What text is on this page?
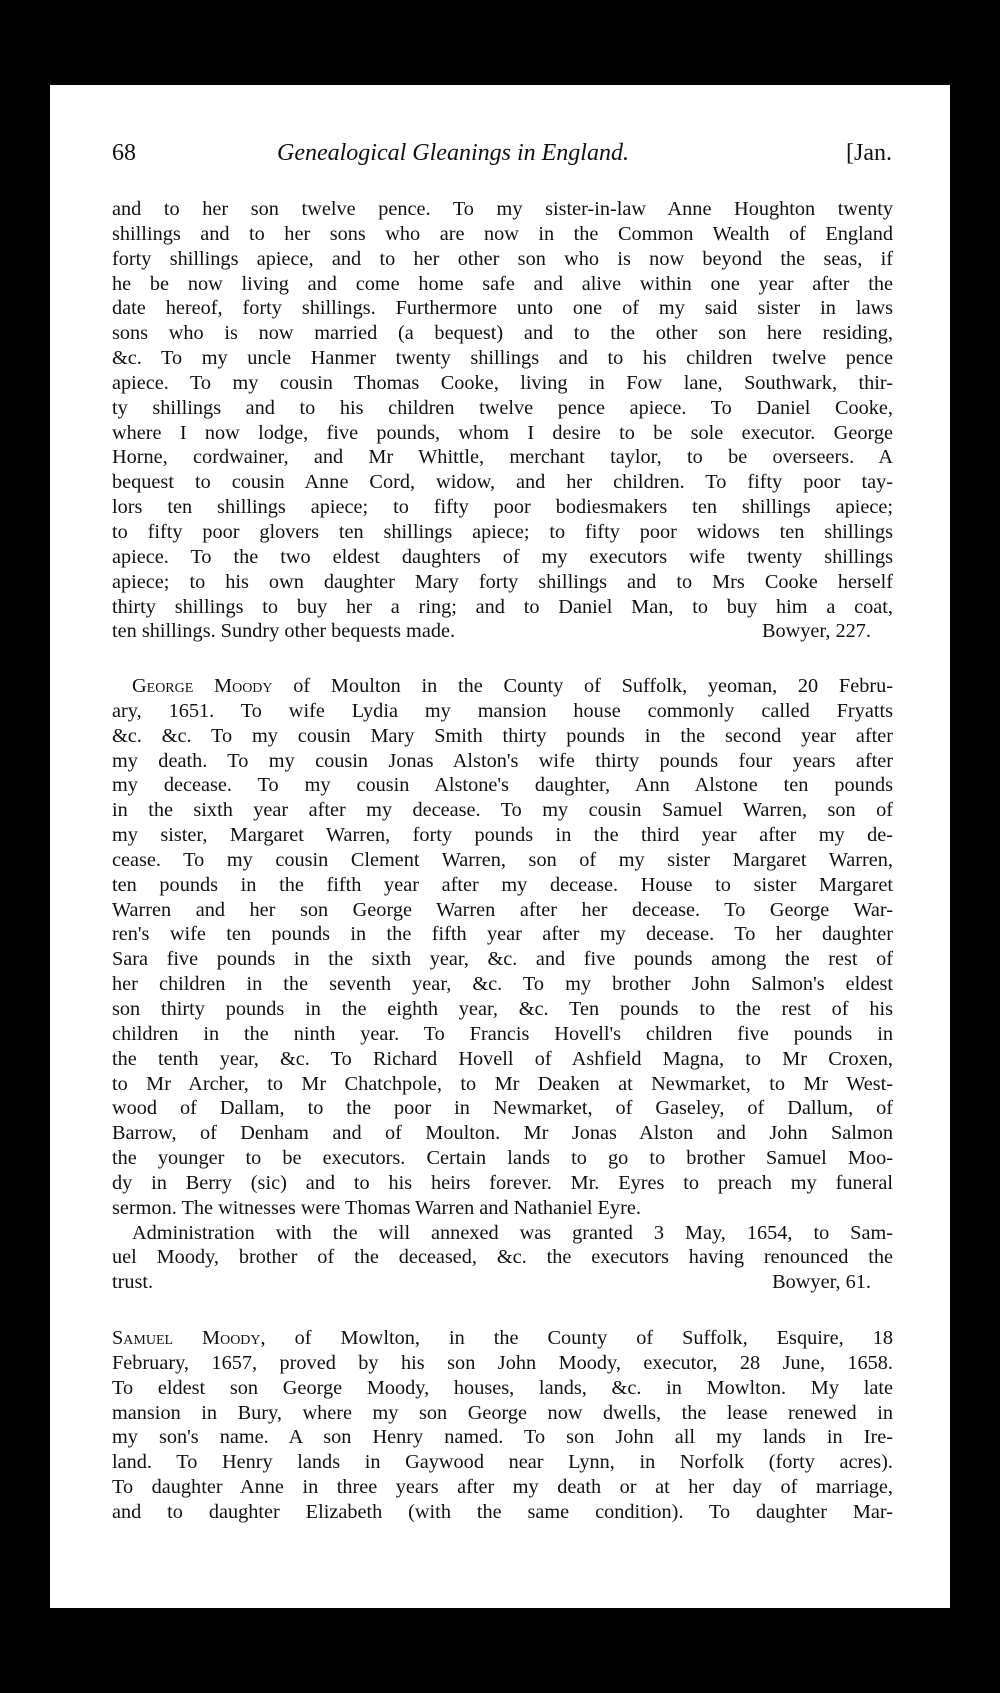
68	Genealogical Gleanings in England.	[Jan.
and to her son twelve pence. To my sister-in-law Anne Houghton twenty
shillings and to her sons who are now in the Common Wealth of England
forty shillings apiece, and to her other son who is now beyond the seas, if
he be now living and come home safe and alive within one year after the
date hereof, forty shillings. Furthermore unto one of my said sister in laws
sons who is now married (a bequest) and to the other son here residing,
&c. To my uncle Hanmer twenty shillings and to his children twelve pence
apiece. To my cousin Thomas Cooke, living in Fow lane, Southwark, thir-
ty shillings and to his children twelve pence apiece. To Daniel Cooke,
where I now lodge, five pounds, whom I desire to be sole executor. George
Horne, cordwainer, and Mr Whittle, merchant taylor, to be overseers. A
bequest to cousin Anne Cord, widow, and her children. To fifty poor tay-
lors ten shillings apiece; to fifty poor bodiesmakers ten shillings apiece;
to fifty poor glovers ten shillings apiece; to fifty poor widows ten shillings
apiece. To the two eldest daughters of my executors wife twenty shillings
apiece; to his own daughter Mary forty shillings and to Mrs Cooke herself
thirty shillings to buy her a ring; and to Daniel Man, to buy him a coat,
ten shillings. Sundry other bequests made.	Bowyer, 227.
George Moody of Moulton in the County of Suffolk, yeoman, 20 Febru-
ary, 1651. To wife Lydia my mansion house commonly called Fryatts
&c. &c. To my cousin Mary Smith thirty pounds in the second year after
my death. To my cousin Jonas Alston's wife thirty pounds four years after
my decease. To my cousin Alstone's daughter, Ann Alstone ten pounds
in the sixth year after my decease. To my cousin Samuel Warren, son of
my sister, Margaret Warren, forty pounds in the third year after my de-
cease. To my cousin Clement Warren, son of my sister Margaret Warren,
ten pounds in the fifth year after my decease. House to sister Margaret
Warren and her son George Warren after her decease. To George War-
ren's wife ten pounds in the fifth year after my decease. To her daughter
Sara five pounds in the sixth year, &c. and five pounds among the rest of
her children in the seventh year, &c. To my brother John Salmon's eldest
son thirty pounds in the eighth year, &c. Ten pounds to the rest of his
children in the ninth year. To Francis Hovell's children five pounds in
the tenth year, &c. To Richard Hovell of Ashfield Magna, to Mr Croxen,
to Mr Archer, to Mr Chatchpole, to Mr Deaken at Newmarket, to Mr West-
wood of Dallam, to the poor in Newmarket, of Gaseley, of Dallum, of
Barrow, of Denham and of Moulton. Mr Jonas Alston and John Salmon
the younger to be executors. Certain lands to go to brother Samuel Moo-
dy in Berry (sic) and to his heirs forever. Mr. Eyres to preach my funeral
sermon. The witnesses were Thomas Warren and Nathaniel Eyre.
Administration with the will annexed was granted 3 May, 1654, to Sam-
uel Moody, brother of the deceased, &c. the executors having renounced the
trust.	Bowyer, 61.
Samuel Moody, of Mowlton, in the County of Suffolk, Esquire, 18
February, 1657, proved by his son John Moody, executor, 28 June, 1658.
To eldest son George Moody, houses, lands, &c. in Mowlton. My late
mansion in Bury, where my son George now dwells, the lease renewed in
my son's name. A son Henry named. To son John all my lands in Ire-
land. To Henry lands in Gaywood near Lynn, in Norfolk (forty acres).
To daughter Anne in three years after my death or at her day of marriage,
and to daughter Elizabeth (with the same condition). To daughter Mar-
